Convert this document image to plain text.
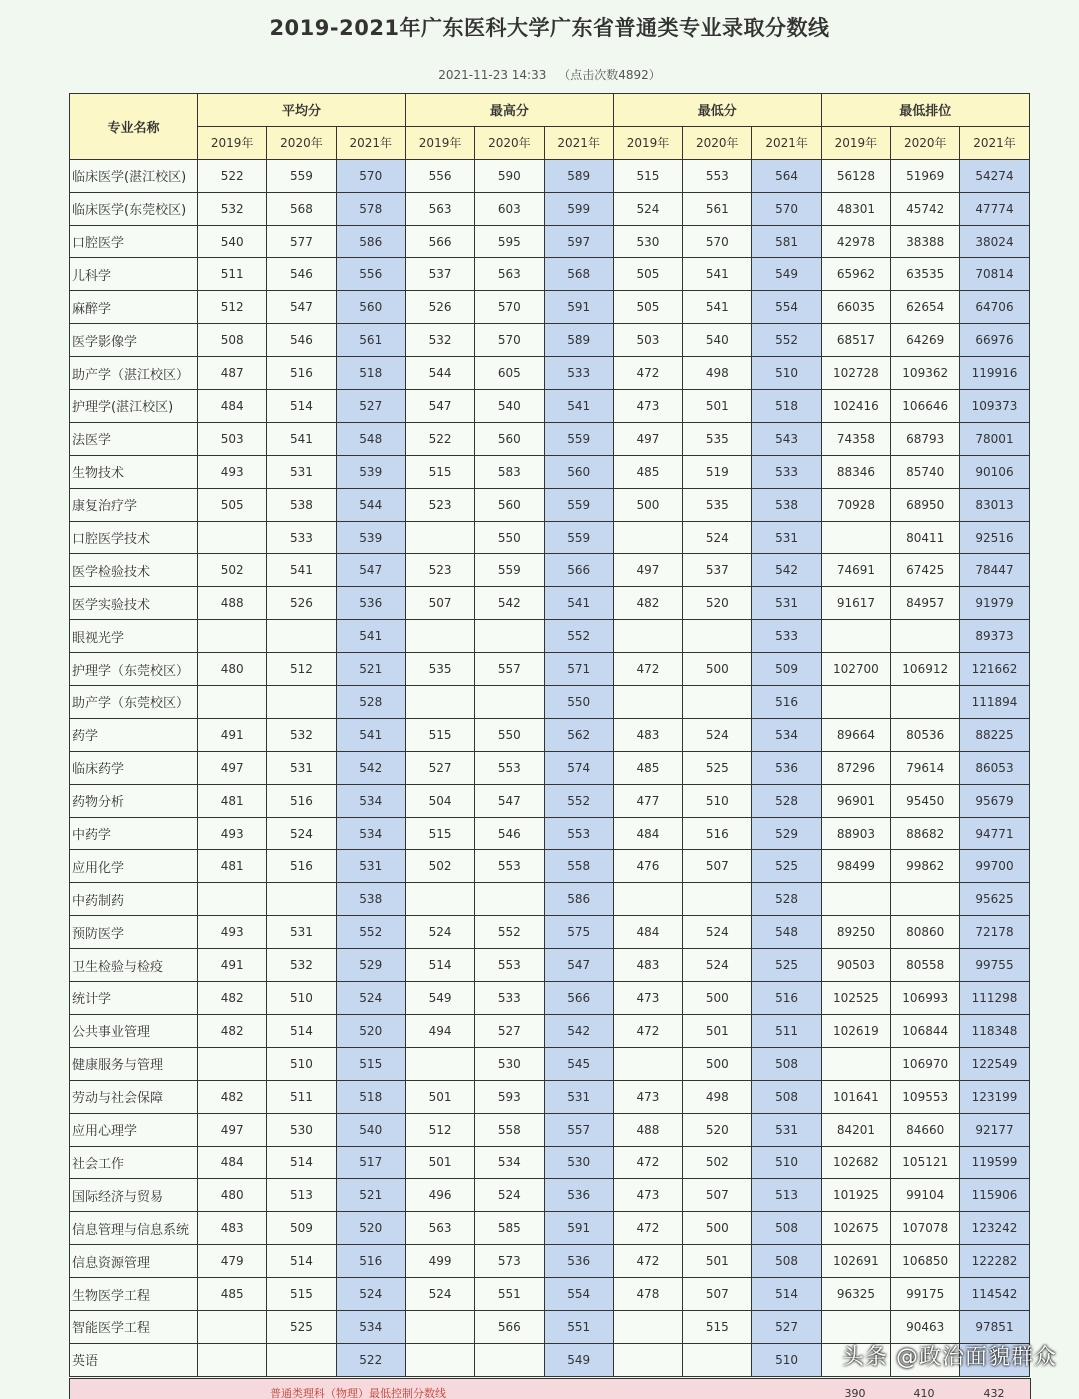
2019-2021年广东医科大学广东省普通类专业录取分数线
2021-11-23 14:33 （点击次数4892）
专业名称	平均分			最高分			最低分			最低排位		
	2019年	2020年	2021年	2019年	2020年	2021年	2019年	2020年	2021年	2019年	2020年	2021年
临床医学(湛江校区)	522	559	570	556	590	589	515	553	564	56128	51969	54274
临床医学(东莞校区)	532	568	578	563	603	599	524	561	570	48301	45742	47774
口腔医学	540	577	586	566	595	597	530	570	581	42978	38388	38024
儿科学	511	546	556	537	563	568	505	541	549	65962	63535	70814
麻醉学	512	547	560	526	570	591	505	541	554	66035	62654	64706
医学影像学	508	546	561	532	570	589	503	540	552	68517	64269	66976
助产学（湛江校区）	487	516	518	544	605	533	472	498	510	102728	109362	119916
护理学(湛江校区)	484	514	527	547	540	541	473	501	518	102416	106646	109373
法医学	503	541	548	522	560	559	497	535	543	74358	68793	78001
生物技术	493	531	539	515	583	560	485	519	533	88346	85740	90106
康复治疗学	505	538	544	523	560	559	500	535	538	70928	68950	83013
口腔医学技术		533	539		550	559		524	531		80411	92516
医学检验技术	502	541	547	523	559	566	497	537	542	74691	67425	78447
医学实验技术	488	526	536	507	542	541	482	520	531	91617	84957	91979
眼视光学			541			552			533			89373
护理学（东莞校区）	480	512	521	535	557	571	472	500	509	102700	106912	121662
助产学（东莞校区）			528			550			516			111894
药学	491	532	541	515	550	562	483	524	534	89664	80536	88225
临床药学	497	531	542	527	553	574	485	525	536	87296	79614	86053
药物分析	481	516	534	504	547	552	477	510	528	96901	95450	95679
中药学	493	524	534	515	546	553	484	516	529	88903	88682	94771
应用化学	481	516	531	502	553	558	476	507	525	98499	99862	99700
中药制药			538			586			528			95625
预防医学	493	531	552	524	552	575	484	524	548	89250	80860	72178
卫生检验与检疫	491	532	529	514	553	547	483	524	525	90503	80558	99755
统计学	482	510	524	549	533	566	473	500	516	102525	106993	111298
公共事业管理	482	514	520	494	527	542	472	501	511	102619	106844	118348
健康服务与管理		510	515		530	545		500	508		106970	122549
劳动与社会保障	482	511	518	501	593	531	473	498	508	101641	109553	123199
应用心理学	497	530	540	512	558	557	488	520	531	84201	84660	92177
社会工作	484	514	517	501	534	530	472	502	510	102682	105121	119599
国际经济与贸易	480	513	521	496	524	536	473	507	513	101925	99104	115906
信息管理与信息系统	483	509	520	563	585	591	472	500	508	102675	107078	123242
信息资源管理	479	514	516	499	573	536	472	501	508	102691	106850	122282
生物医学工程	485	515	524	524	551	554	478	507	514	96325	99175	114542
智能医学工程		525	534		566	551		515	527		90463	97851
英语			522			549			510			
普通类理科（物理）最低控制分数线	390	410	432
头条 @政治面貌群众
